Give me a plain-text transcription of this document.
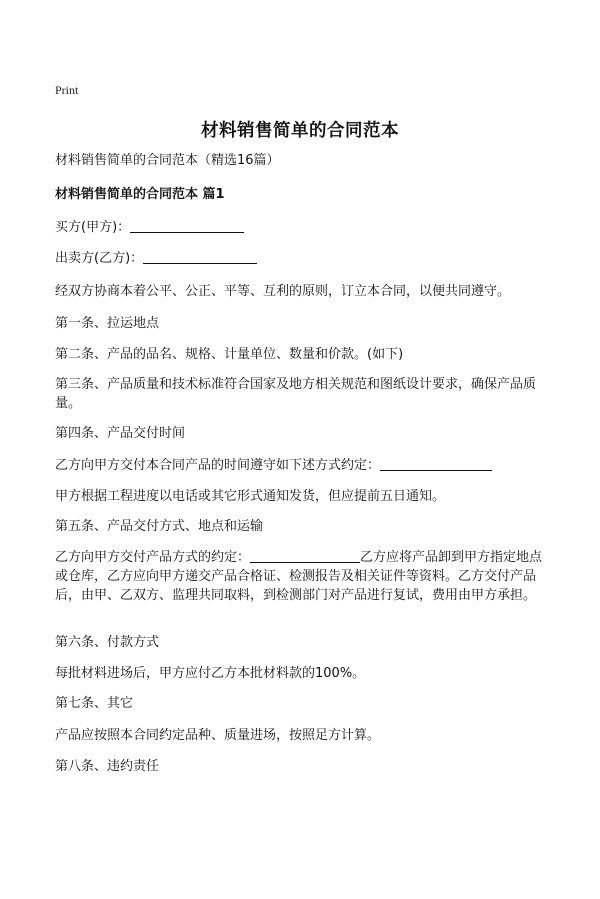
Print
材料销售简单的合同范本
材料销售简单的合同范本（精选16篇）
材料销售简单的合同范本 篇1
买方(甲方)：
出卖方(乙方)：
经双方协商本着公平、公正、平等、互利的原则，订立本合同，以便共同遵守。
第一条、拉运地点
第二条、产品的品名、规格、计量单位、数量和价款。(如下)
第三条、产品质量和技术标准符合国家及地方相关规范和图纸设计要求，确保产品质量。
第四条、产品交付时间
乙方向甲方交付本合同产品的时间遵守如下述方式约定：
甲方根据工程进度以电话或其它形式通知发货，但应提前五日通知。
第五条、产品交付方式、地点和运输
乙方向甲方交付产品方式的约定：	乙方应将产品卸到甲方指定地点或仓库，乙方应向甲方递交产品合格证、检测报告及相关证件等资料。乙方交付产品后，由甲、乙双方、监理共同取料，到检测部门对产品进行复试，费用由甲方承担。
第六条、付款方式
每批材料进场后，甲方应付乙方本批材料款的100%。
第七条、其它
产品应按照本合同约定品种、质量进场，按照足方计算。
第八条、违约责任
